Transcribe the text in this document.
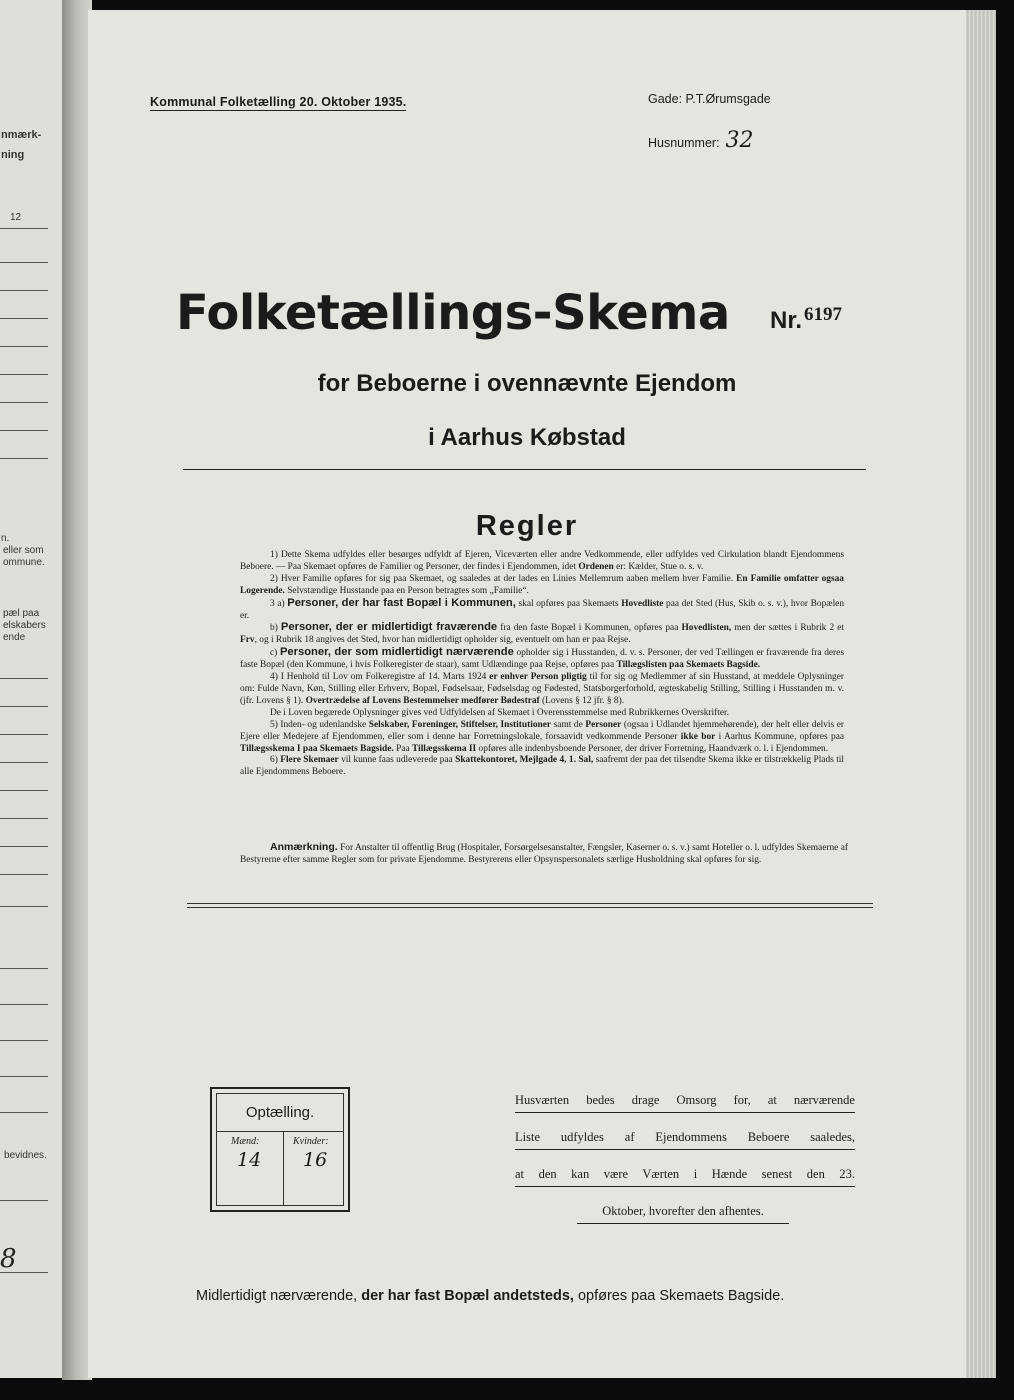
nmærk-
ning
12
n.
eller som
ommune.
pæl paa
elskabers
ende
bevidnes.
8
Kommunal Folketælling 20. Oktober 1935.	Gade: P.T.Ørumsgade
Husnummer: 32
Folketællings-Skema Nr. $^{6197}$
for Beboerne i ovennævnte Ejendom
i Aarhus Købstad
Regler

1) Dette Skema udfyldes eller besørges udfyldt af Ejeren, Viceværten eller andre Vedkommende, eller udfyldes ved Cirkulation blandt Ejendommens Beboere. — Paa Skemaet opføres de Familier og Personer, der findes i Ejendommen, idet Ordenen er: Kælder, Stue o. s. v.

2) Hver Familie opføres for sig paa Skemaet, og saaledes at der lades en Linies Mellemrum aaben mellem hver Familie. En Familie omfatter ogsaa Logerende. Selvstændige Husstande paa en Person betragtes som „Familie“.

3 a) Personer, der har fast Bopæl i Kommunen, skal opføres paa Skemaets Hovedliste paa det Sted (Hus, Skib o. s. v.), hvor Bopælen er.

b) Personer, der er midlertidigt fraværende fra den faste Bopæl i Kommunen, opføres paa Hovedlisten, men der sættes i Rubrik 2 et Frv, og i Rubrik 18 angives det Sted, hvor han midlertidigt opholder sig, eventuelt om han er paa Rejse.

c) Personer, der som midlertidigt nærværende opholder sig i Husstanden, d. v. s. Personer, der ved Tællingen er fraværende fra deres faste Bopæl (den Kommune, i hvis Folkeregister de staar), samt Udlændinge paa Rejse, opføres paa Tillægslisten paa Skemaets Bagside.

4) I Henhold til Lov om Folkeregistre af 14. Marts 1924 er enhver Person pligtig til for sig og Medlemmer af sin Husstand, at meddele Oplysninger om: Fulde Navn, Køn, Stilling eller Erhverv, Bopæl, Fødselsaar, Fødselsdag og Fødested, Statsborgerforhold, ægteskabelig Stilling, Stilling i Husstanden m. v. (jfr. Lovens § 1). Overtrædelse af Lovens Bestemmelser medfører Bødestraf (Lovens § 12 jfr. § 8).

De i Loven begærede Oplysninger gives ved Udfyldelsen af Skemaet i Overensstemmelse med Rubrikkernes Overskrifter.

5) Inden- og udenlandske Selskaber, Foreninger, Stiftelser, Institutioner samt de Personer (ogsaa i Udlandet hjemmehørende), der helt eller delvis er Ejere eller Medejere af Ejendommen, eller som i denne har Forretningslokale, forsaavidt vedkommende Personer ikke bor i Aarhus Kommune, opføres paa Tillægsskema I paa Skemaets Bagside. Paa Tillægsskema II opføres alle indenbysboende Personer, der driver Forretning, Haandværk o. l. i Ejendommen.

6) Flere Skemaer vil kunne faas udleverede paa Skattekontoret, Mejlgade 4, 1. Sal, saafremt der paa det tilsendte Skema ikke er tilstrækkelig Plads til alle Ejendommens Beboere.

Anmærkning. For Anstalter til offentlig Brug (Hospitaler, Forsørgelsesanstalter, Fængsler, Kaserner o. s. v.) samt Hoteller o. l. udfyldes Skemaerne af Bestyrerne efter samme Regler som for private Ejendomme. Bestyrerens eller Opsynspersonalets særlige Husholdning skal opføres for sig.
Optælling.
Mænd:	Kvinder:
14 16
Husværten bedes drage Omsorg for, at nærværende
Liste udfyldes af Ejendommens Beboere saaledes,
at den kan være Værten i Hænde senest den 23.
Oktober, hvorefter den afhentes.
Midlertidigt nærværende, der har fast Bopæl andetsteds, opføres paa Skemaets Bagside.
